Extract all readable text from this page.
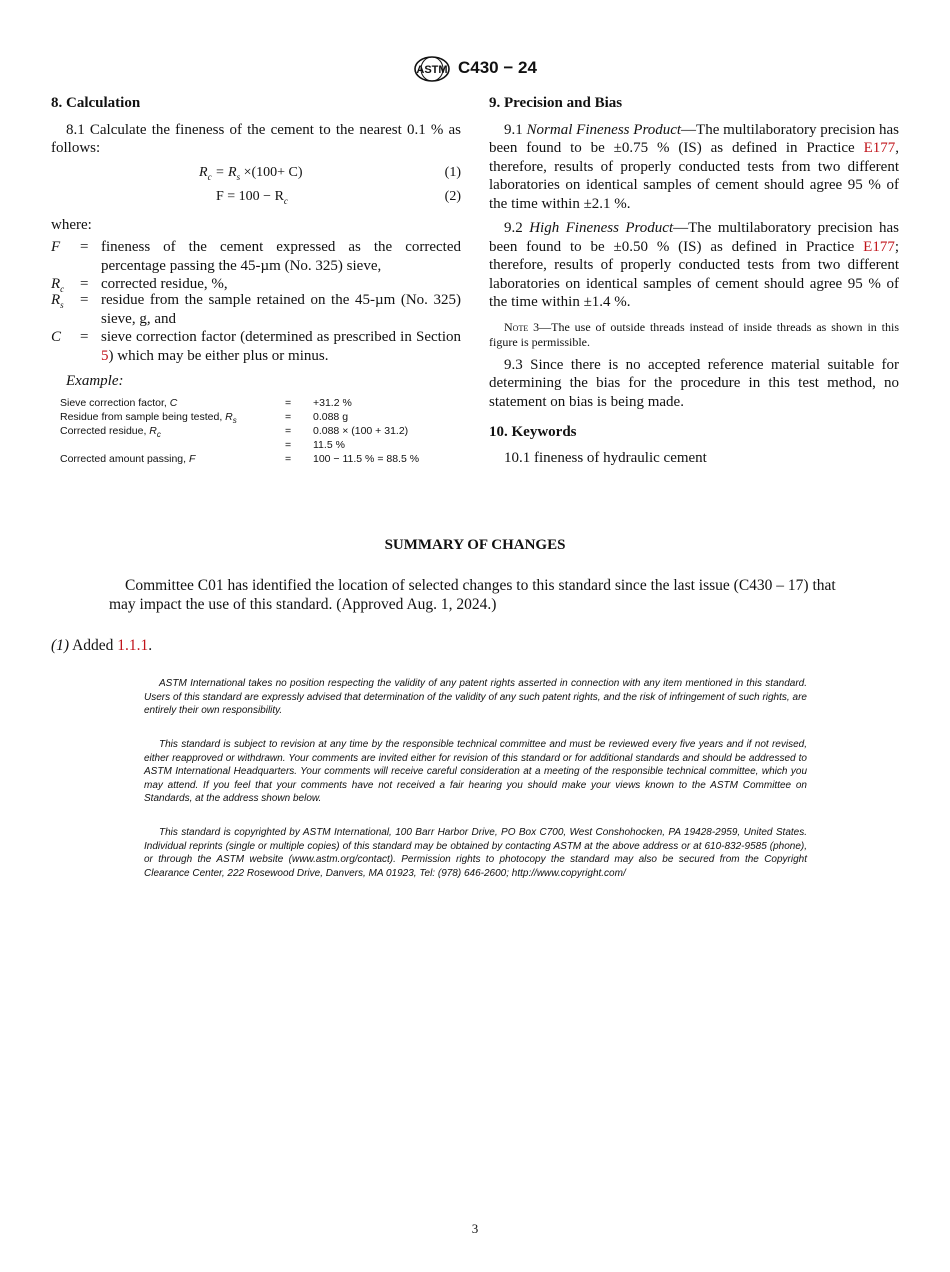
ASTM C430 − 24
8. Calculation
8.1 Calculate the fineness of the cement to the nearest 0.1 % as follows:
$R_c = R_s \times(100+ C)$	(1)
$F = 100 - R_c$	(2)
where:
F = fineness of the cement expressed as the corrected percentage passing the 45-µm (No. 325) sieve,
$R_c$ = corrected residue, %,
$R_s$ = residue from the sample retained on the 45-µm (No. 325) sieve, g, and
C = sieve correction factor (determined as prescribed in Section 5) which may be either plus or minus.
Example:
Sieve correction factor, C	= +31.2 %
Residue from sample being tested, $R_s$	= 0.088 g
Corrected residue, $R_c$	= 0.088 × (100 + 31.2)
= 11.5 %
Corrected amount passing, F	= 100 − 11.5 % = 88.5 %
9. Precision and Bias
9.1 Normal Fineness Product—The multilaboratory precision has been found to be ±0.75 % (IS) as defined in Practice E177, therefore, results of properly conducted tests from two different laboratories on identical samples of cement should agree 95 % of the time within ±2.1 %.
9.2 High Fineness Product—The multilaboratory precision has been found to be ±0.50 % (IS) as defined in Practice E177; therefore, results of properly conducted tests from two different laboratories on identical samples of cement should agree 95 % of the time within ±1.4 %.
Note 3—The use of outside threads instead of inside threads as shown in this figure is permissible.
9.3 Since there is no accepted reference material suitable for determining the bias for the procedure in this test method, no statement on bias is being made.
10. Keywords
10.1 fineness of hydraulic cement
SUMMARY OF CHANGES
Committee C01 has identified the location of selected changes to this standard since the last issue (C430 – 17) that may impact the use of this standard. (Approved Aug. 1, 2024.)
(1) Added 1.1.1.
ASTM International takes no position respecting the validity of any patent rights asserted in connection with any item mentioned in this standard. Users of this standard are expressly advised that determination of the validity of any such patent rights, and the risk of infringement of such rights, are entirely their own responsibility.
This standard is subject to revision at any time by the responsible technical committee and must be reviewed every five years and if not revised, either reapproved or withdrawn. Your comments are invited either for revision of this standard or for additional standards and should be addressed to ASTM International Headquarters. Your comments will receive careful consideration at a meeting of the responsible technical committee, which you may attend. If you feel that your comments have not received a fair hearing you should make your views known to the ASTM Committee on Standards, at the address shown below.
This standard is copyrighted by ASTM International, 100 Barr Harbor Drive, PO Box C700, West Conshohocken, PA 19428-2959, United States. Individual reprints (single or multiple copies) of this standard may be obtained by contacting ASTM at the above address or at 610-832-9585 (phone), or through the ASTM website (www.astm.org/contact). Permission rights to photocopy the standard may also be secured from the Copyright Clearance Center, 222 Rosewood Drive, Danvers, MA 01923, Tel: (978) 646-2600; http://www.copyright.com/
3
